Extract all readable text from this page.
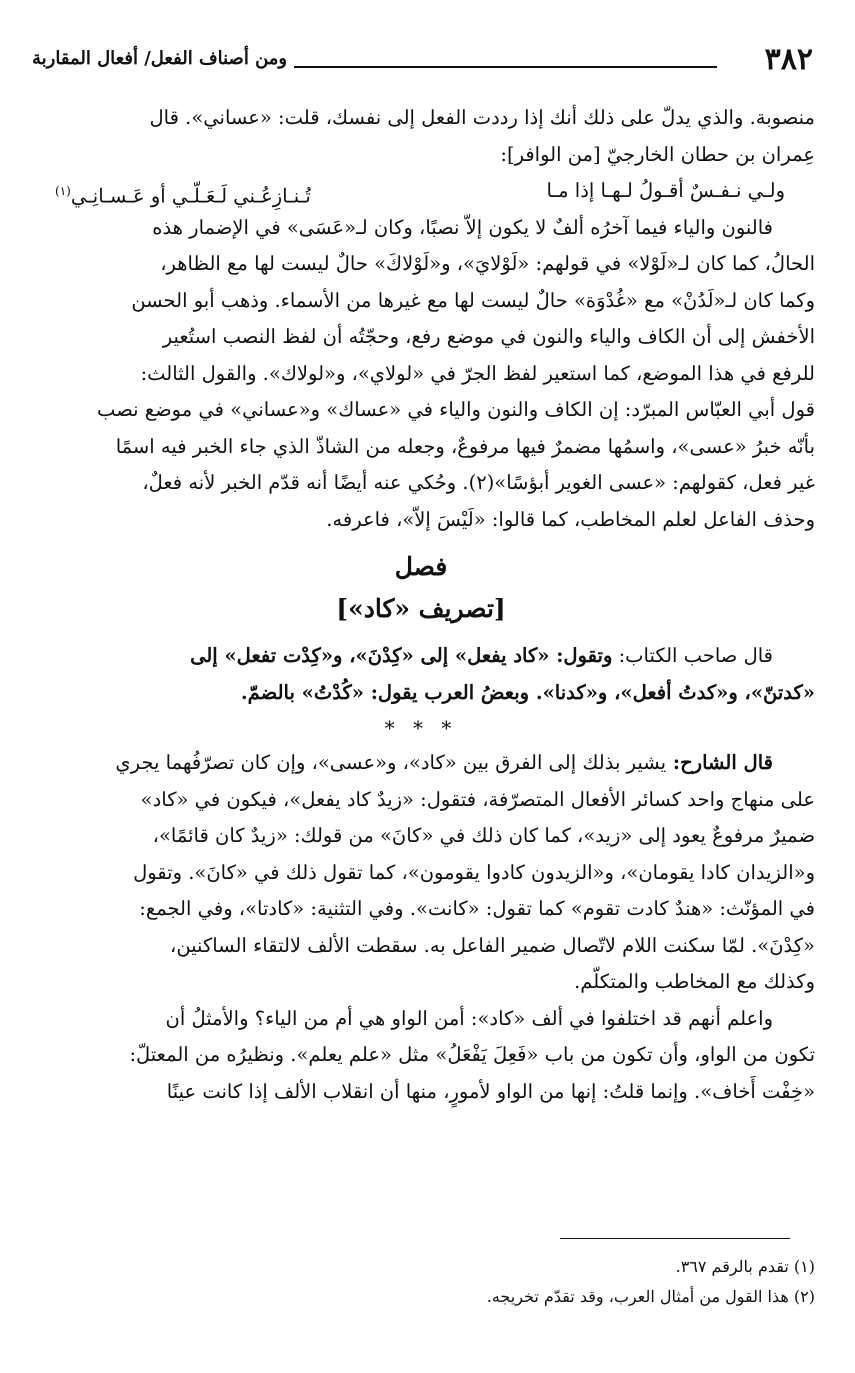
٣٨٢
ومن أصناف الفعل/ أفعال المقاربة
منصوبة. والذي يدلّ على ذلك أنك إذا رددت الفعل إلى نفسك، قلت: «عساني». قال
عِمران بن حطان الخارجيّ [من الوافر]:
ولـي نـفـسٌ أقـولُ لـهـا إذا مـا
تُـنـازِعُـني لَـعَـلّـي أو عَـسـانِـي$^{(١)}$
فالنون والياء فيما آخرُه ألفٌ لا يكون إلاّ نصبًا، وكان لـ«عَسَى» في الإضمار هذه
الحالُ، كما كان لـ«لَوْلا» في قولهم: «لَوْلايَ»، و«لَوْلاكَ» حالٌ ليست لها مع الظاهر،
وكما كان لـ«لَدُنْ» مع «غُدْوَة» حالٌ ليست لها مع غيرها من الأسماء. وذهب أبو الحسن
الأخفش إلى أن الكاف والياء والنون في موضع رفع، وحجّتُه أن لفظ النصب استُعير
للرفع في هذا الموضع، كما استعير لفظ الجرّ في «لولاي»، و«لولاك». والقول الثالث:
قول أبي العبّاس المبرّد: إن الكاف والنون والياء في «عساك» و«عساني» في موضع نصب
بأنّه خبرُ «عسى»، واسمُها مضمرٌ فيها مرفوعٌ، وجعله من الشاذّ الذي جاء الخبر فيه اسمًا
غير فعل، كقولهم: «عسى الغوير أبؤسًا»(٢). وحُكي عنه أيضًا أنه قدّم الخبر لأنه فعلٌ،
وحذف الفاعل لعلم المخاطب، كما قالوا: «لَيْسَ إلاّ»، فاعرفه.
فصل
[تصريف «كاد»]
قال صاحب الكتاب: وتقول: «كاد يفعل» إلى «كِدْنَ»، و«كِدْت تفعل» إلى
«كدتنّ»، و«كدتُ أفعل»، و«كدنا». وبعضُ العرب يقول: «كُدْتُ» بالضمّ.
* * *
قال الشارح: يشير بذلك إلى الفرق بين «كاد»، و«عسى»، وإن كان تصرّفُهما يجري
على منهاج واحد كسائر الأفعال المتصرّفة، فتقول: «زيدٌ كاد يفعل»، فيكون في «كاد»
ضميرٌ مرفوعٌ يعود إلى «زيد»، كما كان ذلك في «كانَ» من قولك: «زيدٌ كان قائمًا»،
و«الزيدان كادا يقومان»، و«الزيدون كادوا يقومون»، كما تقول ذلك في «كانَ». وتقول
في المؤنّث: «هندٌ كادت تقوم» كما تقول: «كانت». وفي التثنية: «كادتا»، وفي الجمع:
«كِدْنَ». لمّا سكنت اللام لاتّصال ضمير الفاعل به. سقطت الألف لالتقاء الساكنين،
وكذلك مع المخاطب والمتكلّم.
واعلم أنهم قد اختلفوا في ألف «كاد»: أمن الواو هي أم من الياء؟ والأمثلُ أن
تكون من الواو، وأن تكون من باب «فَعِلَ يَفْعَلُ» مثل «علم يعلم». ونظيرُه من المعتلّ:
«خِفْت أَخاف». وإنما قلتُ: إنها من الواو لأمورٍ، منها أن انقلاب الألف إذا كانت عينًا
(١) تقدم بالرقم ٣٦٧.
(٢) هذا القول من أمثال العرب، وقد تقدّم تخريجه.
